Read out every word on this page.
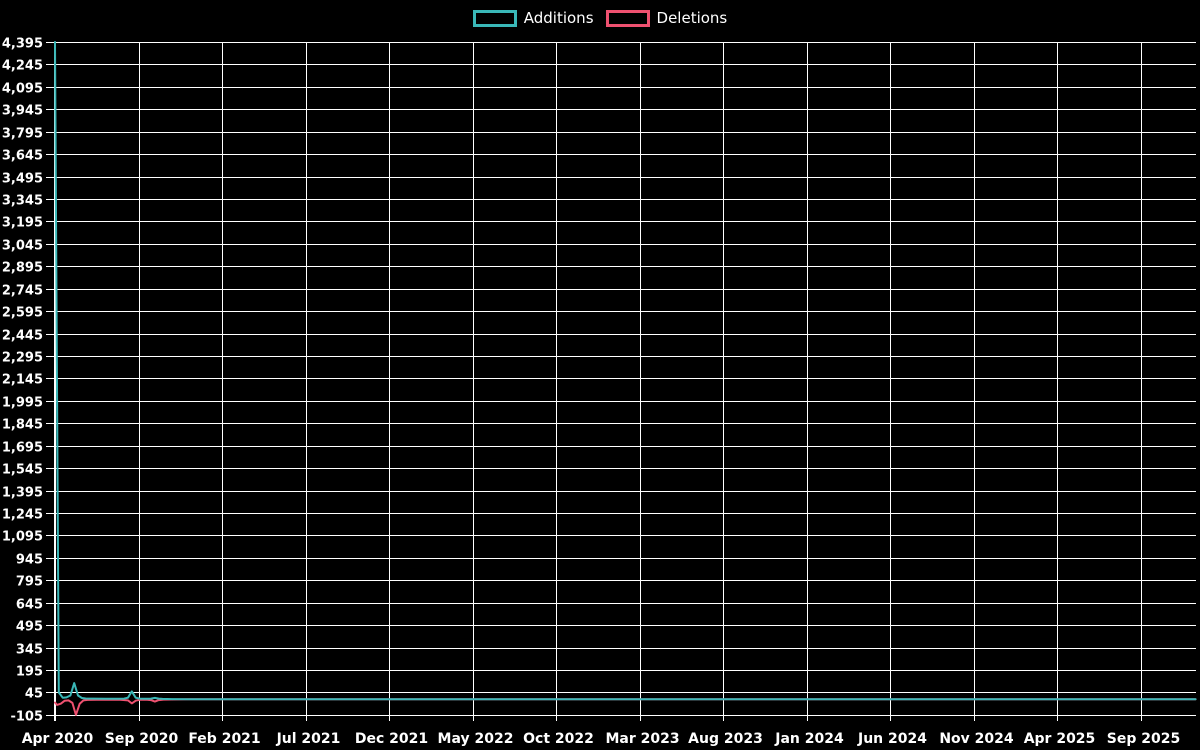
Additions	Deletions
-105
45
195
345
495
645
795
945
1,095
1,245
1,395
1,545
1,695
1,845
1,995
2,145
2,295
2,445
2,595
2,745
2,895
3,045
3,195
3,345
3,495
3,645
3,795
3,945
4,095
4,245
4,395
Apr 2020 Sep 2020 Feb 2021 Jul 2021 Dec 2021 May 2022 Oct 2022 Mar 2023 Aug 2023 Jan 2024 Jun 2024 Nov 2024 Apr 2025 Sep 2025
